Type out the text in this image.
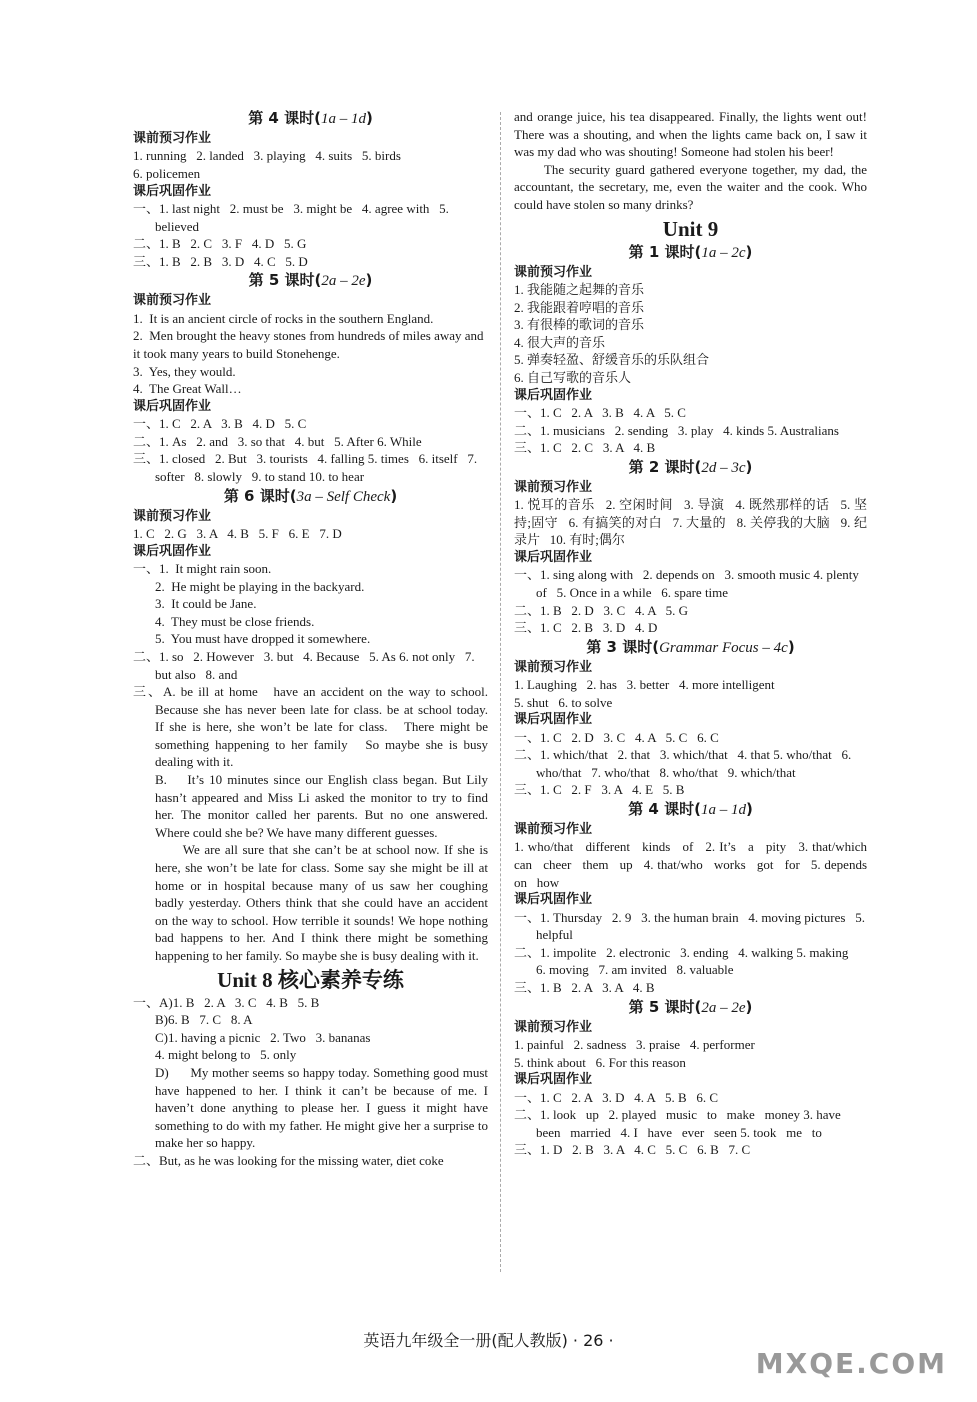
第 4 课时(1a – 1d)
课前预习作业
1. running   2. landed   3. playing   4. suits   5. birds
6. policemen
课后巩固作业
一、1. last night   2. must be   3. might be   4. agree with   5. believed
二、1. B   2. C   3. F   4. D   5. G
三、1. B   2. B   3. D   4. C   5. D
第 5 课时(2a – 2e)
课前预习作业
1.  It is an ancient circle of rocks in the southern England.
2.  Men brought the heavy stones from hundreds of miles away and it took many years to build Stonehenge.
3.  Yes, they would.
4.  The Great Wall…
课后巩固作业
一、1. C   2. A   3. B   4. D   5. C
二、1. As   2. and   3. so that   4. but   5. After 6. While
三、1. closed   2. But   3. tourists   4. falling 5. times   6. itself   7. softer   8. slowly   9. to stand 10. to hear
第 6 课时(3a – Self Check)
课前预习作业
1. C   2. G   3. A   4. B   5. F   6. E   7. D
课后巩固作业
一、1.  It might rain soon.
2.  He might be playing in the backyard.
3.  It could be Jane.
4.  They must be close friends.
5.  You must have dropped it somewhere.
二、1. so   2. However   3. but   4. Because   5. As 6. not only   7. but also   8. and
三、A. be ill at home   have an accident on the way to school.   Because she has never been late for class. be at school today.   If she is here, she won’t be late for class.   There might be something happening to her family   So maybe she is busy dealing with it.
B.    It’s 10 minutes since our English class began. But Lily hasn’t appeared and Miss Li asked the monitor to try to find her. The monitor called her parents. But no one answered. Where could she be? We have many different guesses.
We are all sure that she can’t be at school now. If she is here, she won’t be late for class. Some say she might be ill at home or in hospital because many of us saw her coughing badly yesterday. Others think that she could have an accident on the way to school. How terrible it sounds! We hope nothing bad happens to her. And I think there might be something happening to her family. So maybe she is busy dealing with it.
Unit 8 核心素养专练
一、A)1. B   2. A   3. C   4. B   5. B
B)6. B   7. C   8. A
C)1. having a picnic   2. Two   3. bananas
4. might belong to   5. only
D)      My mother seems so happy today. Something good must have happened to her. I think it can’t be because of me. I haven’t done anything to please her. I guess it might have something to do with my father. He might give her a surprise to make her so happy.
二、But, as he was looking for the missing water, diet coke
and orange juice, his tea disappeared. Finally, the lights went out! There was a shouting, and when the lights came back on, I saw it was my dad who was shouting! Someone had stolen his beer!
The security guard gathered everyone together, my dad, the accountant, the secretary, me, even the waiter and the cook. Who could have stolen so many drinks?
Unit 9
第 1 课时(1a – 2c)
课前预习作业
1. 我能随之起舞的音乐
2. 我能跟着哼唱的音乐
3. 有很棒的歌词的音乐
4. 很大声的音乐
5. 弹奏轻盈、舒缓音乐的乐队组合
6. 自己写歌的音乐人
课后巩固作业
一、1. C   2. A   3. B   4. A   5. C
二、1. musicians   2. sending   3. play   4. kinds 5. Australians
三、1. C   2. C   3. A   4. B
第 2 课时(2d – 3c)
课前预习作业
1. 悦耳的音乐   2. 空闲时间   3. 导演   4. 既然那样的话   5. 坚持;固守   6. 有搞笑的对白   7. 大量的   8. 关停我的大脑   9. 纪录片   10. 有时;偶尔
课后巩固作业
一、1. sing along with   2. depends on   3. smooth music 4. plenty of   5. Once in a while   6. spare time
二、1. B   2. D   3. C   4. A   5. G
三、1. C   2. B   3. D   4. D
第 3 课时(Grammar Focus – 4c)
课前预习作业
1. Laughing   2. has   3. better   4. more intelligent
5. shut   6. to solve
课后巩固作业
一、1. C   2. D   3. C   4. A   5. C   6. C
二、1. which/that   2. that   3. which/that   4. that 5. who/that   6. who/that   7. who/that   8. who/that   9. which/that
三、1. C   2. F   3. A   4. E   5. B
第 4 课时(1a – 1d)
课前预习作业
1. who/that   different   kinds   of   2. It’s   a   pity   3. that/which   can   cheer   them   up   4. that/who   works   got   for   5. depends   on   how
课后巩固作业
一、1. Thursday   2. 9   3. the human brain   4. moving pictures   5. helpful
二、1. impolite   2. electronic   3. ending   4. walking 5. making   6. moving   7. am invited   8. valuable
三、1. B   2. A   3. A   4. B
第 5 课时(2a – 2e)
课前预习作业
1. painful   2. sadness   3. praise   4. performer
5. think about   6. For this reason
课后巩固作业
一、1. C   2. A   3. D   4. A   5. B   6. C
二、1. look   up   2. played   music   to   make   money 3. have   been   married   4. I   have   ever   seen 5. took   me   to
三、1. D   2. B   3. A   4. C   5. C   6. B   7. C
英语九年级全一册(配人教版) · 26 ·
MXQE.COM
